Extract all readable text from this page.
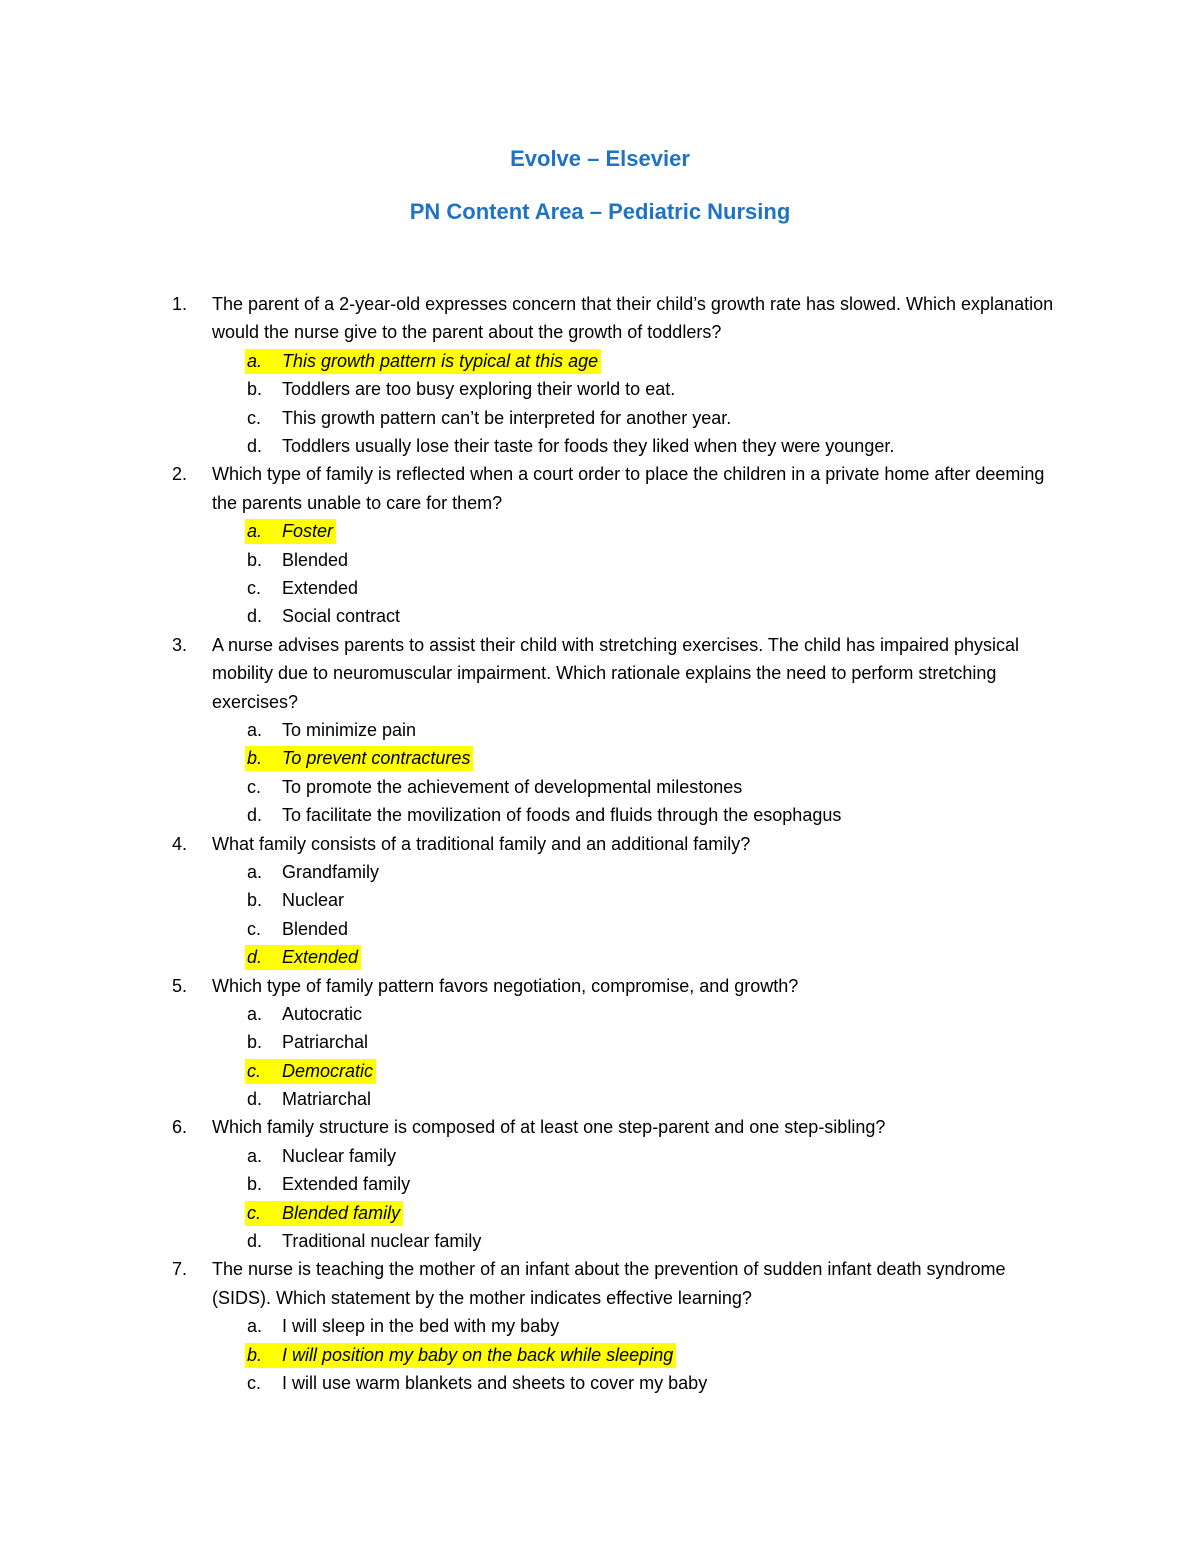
Evolve – Elsevier
PN Content Area – Pediatric Nursing
1.	The parent of a 2-year-old expresses concern that their child’s growth rate has slowed. Which explanation would the nurse give to the parent about the growth of toddlers?
a. This growth pattern is typical at this age
b. Toddlers are too busy exploring their world to eat.
c. This growth pattern can’t be interpreted for another year.
d. Toddlers usually lose their taste for foods they liked when they were younger.
2.	Which type of family is reflected when a court order to place the children in a private home after deeming the parents unable to care for them?
a. Foster
b. Blended
c. Extended
d. Social contract
3.	A nurse advises parents to assist their child with stretching exercises. The child has impaired physical mobility due to neuromuscular impairment. Which rationale explains the need to perform stretching exercises?
a. To minimize pain
b. To prevent contractures
c. To promote the achievement of developmental milestones
d. To facilitate the movilization of foods and fluids through the esophagus
4.	What family consists of a traditional family and an additional family?
a. Grandfamily
b. Nuclear
c. Blended
d. Extended
5.	Which type of family pattern favors negotiation, compromise, and growth?
a. Autocratic
b. Patriarchal
c. Democratic
d. Matriarchal
6.	Which family structure is composed of at least one step-parent and one step-sibling?
a. Nuclear family
b. Extended family
c. Blended family
d. Traditional nuclear family
7.	The nurse is teaching the mother of an infant about the prevention of sudden infant death syndrome (SIDS). Which statement by the mother indicates effective learning?
a. I will sleep in the bed with my baby
b. I will position my baby on the back while sleeping
c. I will use warm blankets and sheets to cover my baby
